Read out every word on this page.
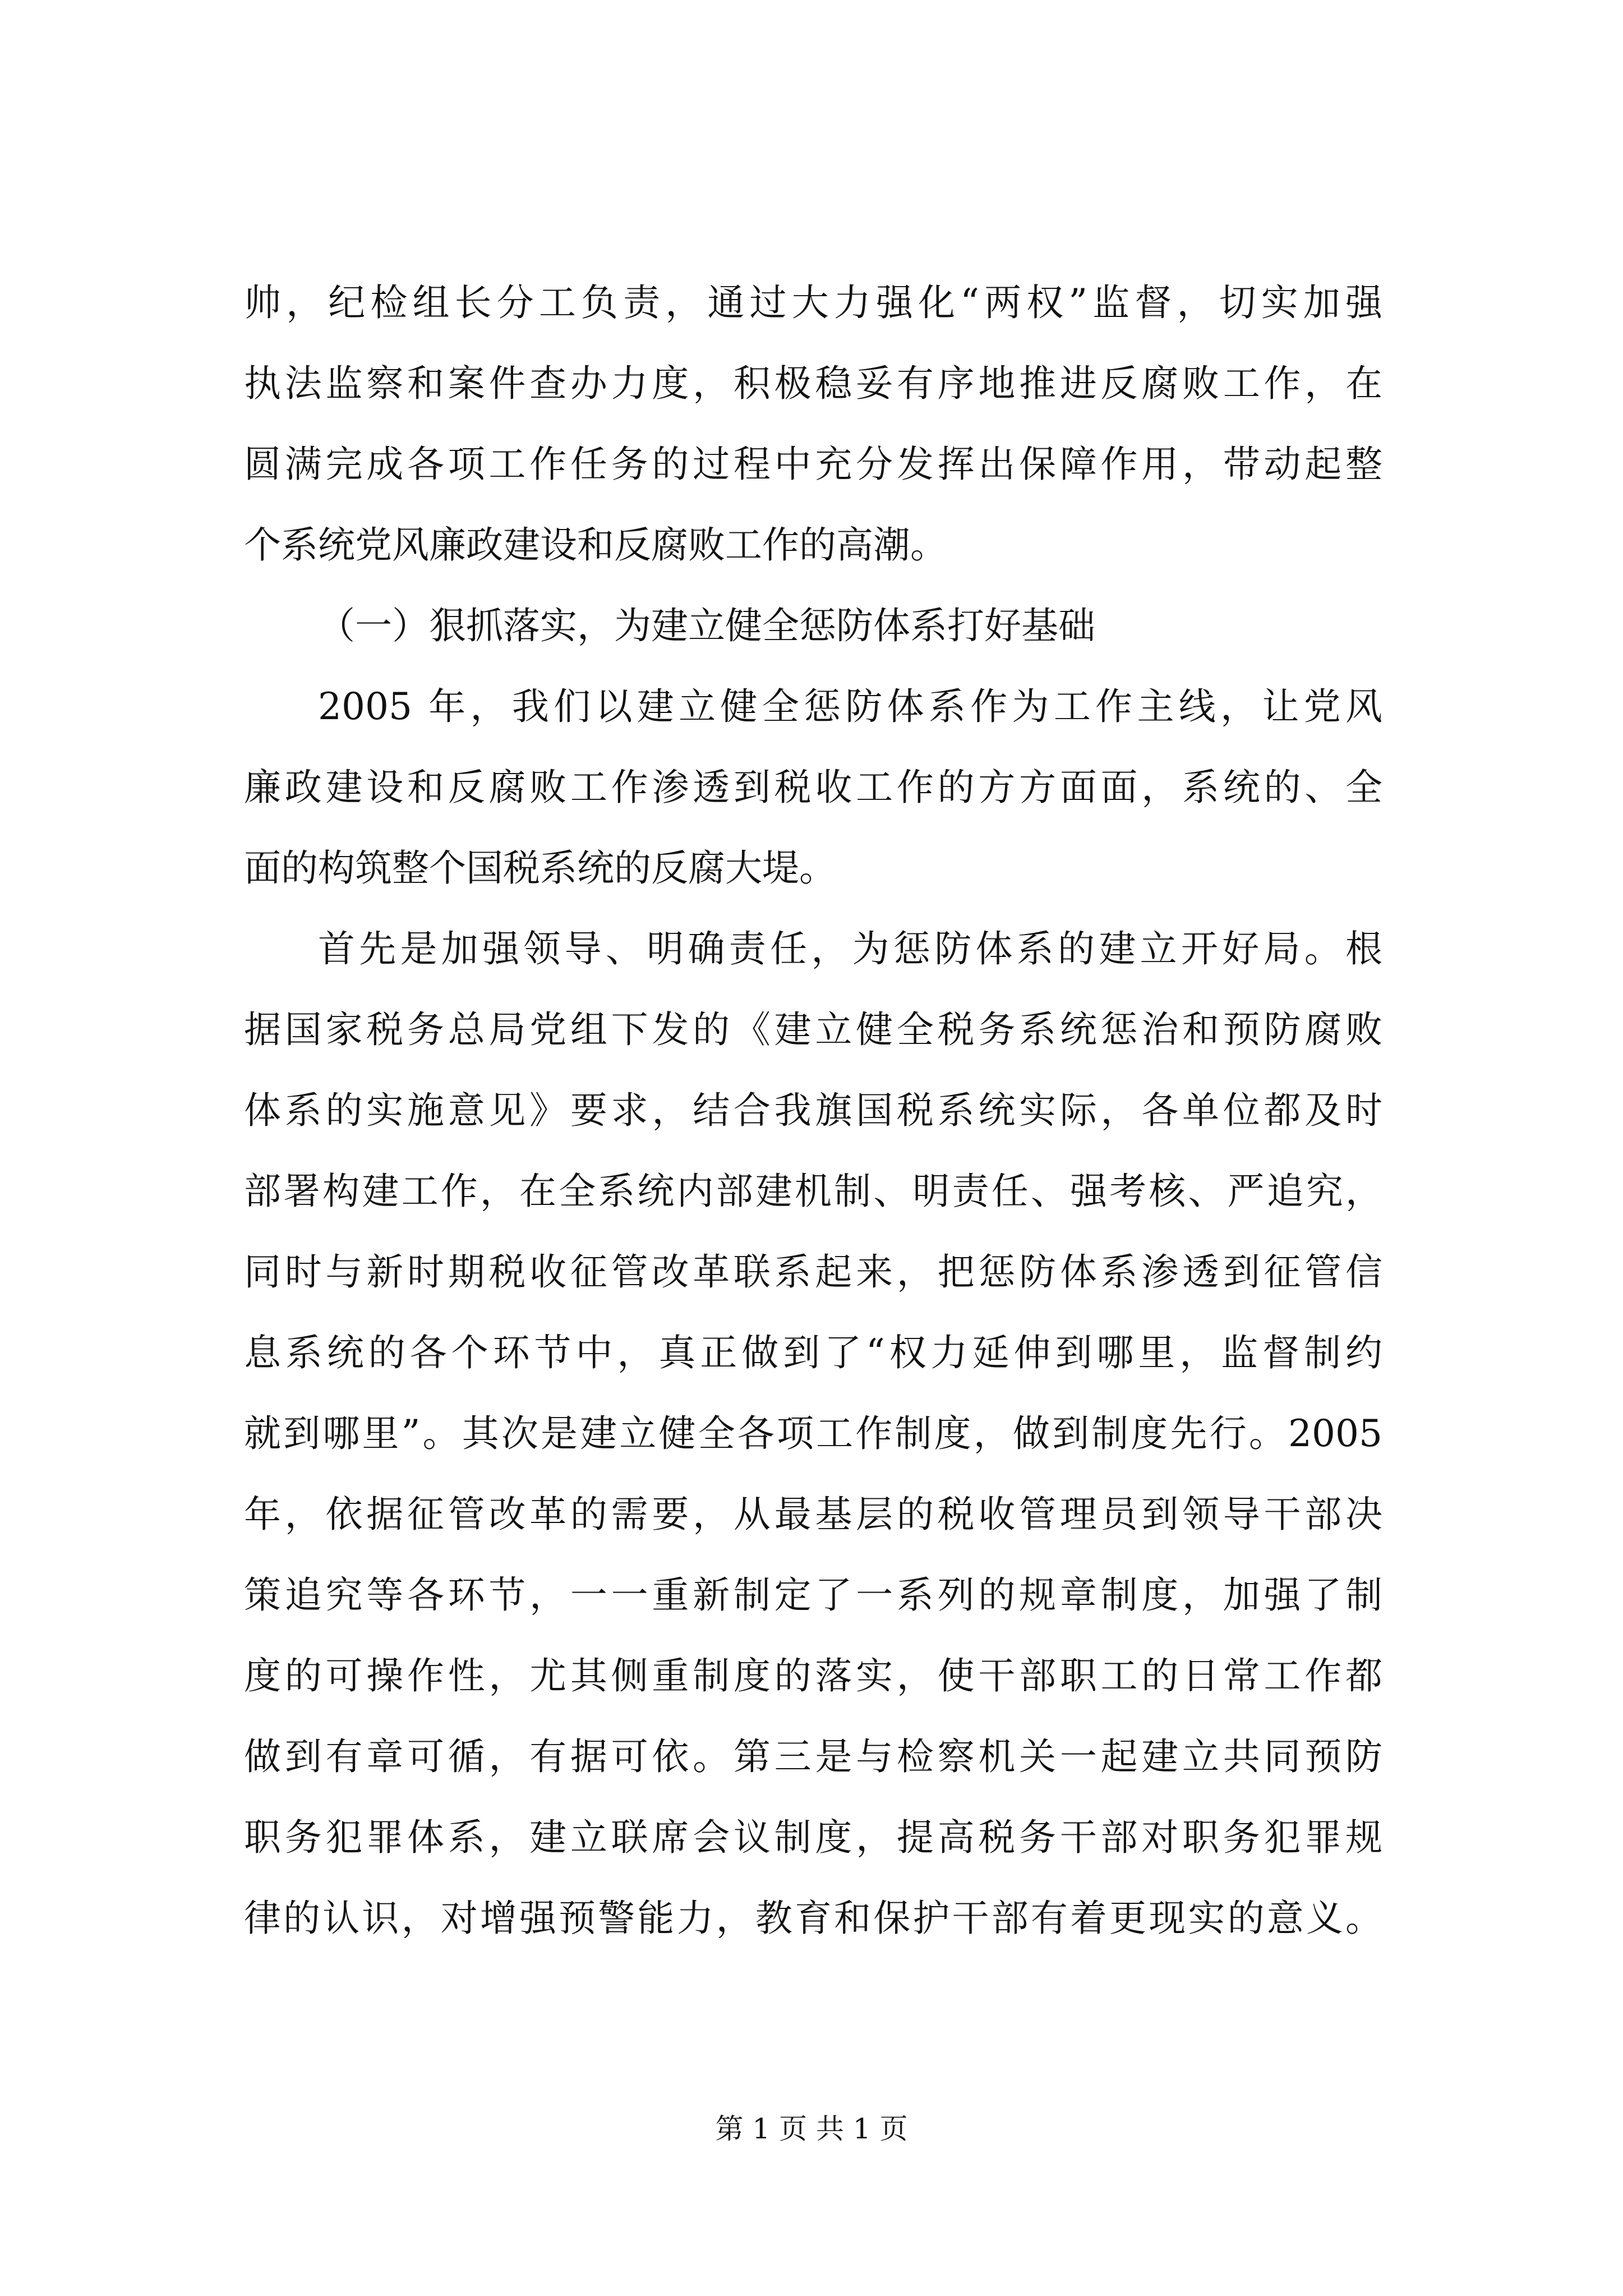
帅，纪检组长分工负责，通过大力强化“两权”监督，切实加强
执法监察和案件查办力度，积极稳妥有序地推进反腐败工作，在
圆满完成各项工作任务的过程中充分发挥出保障作用，带动起整
个系统党风廉政建设和反腐败工作的高潮。
（一）狠抓落实，为建立健全惩防体系打好基础
2005 年，我们以建立健全惩防体系作为工作主线，让党风
廉政建设和反腐败工作渗透到税收工作的方方面面，系统的、全
面的构筑整个国税系统的反腐大堤。
首先是加强领导、明确责任，为惩防体系的建立开好局。根
据国家税务总局党组下发的《建立健全税务系统惩治和预防腐败
体系的实施意见》要求，结合我旗国税系统实际，各单位都及时
部署构建工作，在全系统内部建机制、明责任、强考核、严追究，
同时与新时期税收征管改革联系起来，把惩防体系渗透到征管信
息系统的各个环节中，真正做到了“权力延伸到哪里，监督制约
就到哪里”。其次是建立健全各项工作制度，做到制度先行。2005
年，依据征管改革的需要，从最基层的税收管理员到领导干部决
策追究等各环节，一一重新制定了一系列的规章制度，加强了制
度的可操作性，尤其侧重制度的落实，使干部职工的日常工作都
做到有章可循，有据可依。第三是与检察机关一起建立共同预防
职务犯罪体系，建立联席会议制度，提高税务干部对职务犯罪规
律的认识，对增强预警能力，教育和保护干部有着更现实的意义。
第 1 页 共 1 页
